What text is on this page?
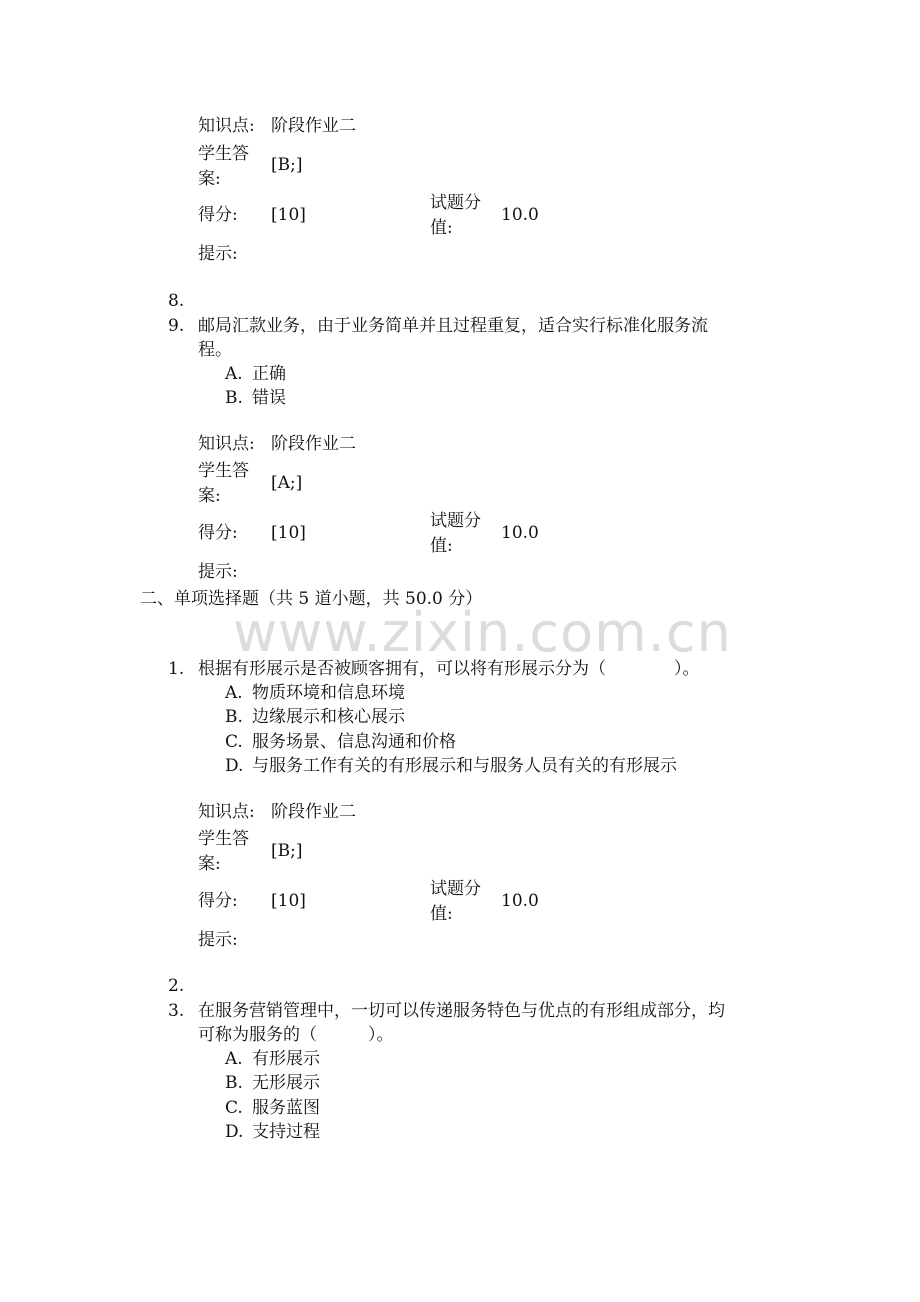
知识点: 阶段作业二
学生答案:
[B;]
得分: [10]
试题分值:
10.0
提示:
8.
9. 邮局汇款业务，由于业务简单并且过程重复，适合实行标准化服务流
程。
A. 正确
B. 错误
知识点: 阶段作业二
学生答案:
[A;]
得分: [10]
试题分值:
10.0
提示:
二、单项选择题（共 5 道小题，共 50.0 分）
www.zixin.com.cn
1. 根据有形展示是否被顾客拥有，可以将有形展示分为（　　　　）。
A. 物质环境和信息环境
B. 边缘展示和核心展示
C. 服务场景、信息沟通和价格
D. 与服务工作有关的有形展示和与服务人员有关的有形展示
知识点: 阶段作业二
学生答案:
[B;]
得分: [10]
试题分值:
10.0
提示:
2.
3. 在服务营销管理中，一切可以传递服务特色与优点的有形组成部分，均
可称为服务的（　　　）。
A. 有形展示
B. 无形展示
C. 服务蓝图
D. 支持过程
